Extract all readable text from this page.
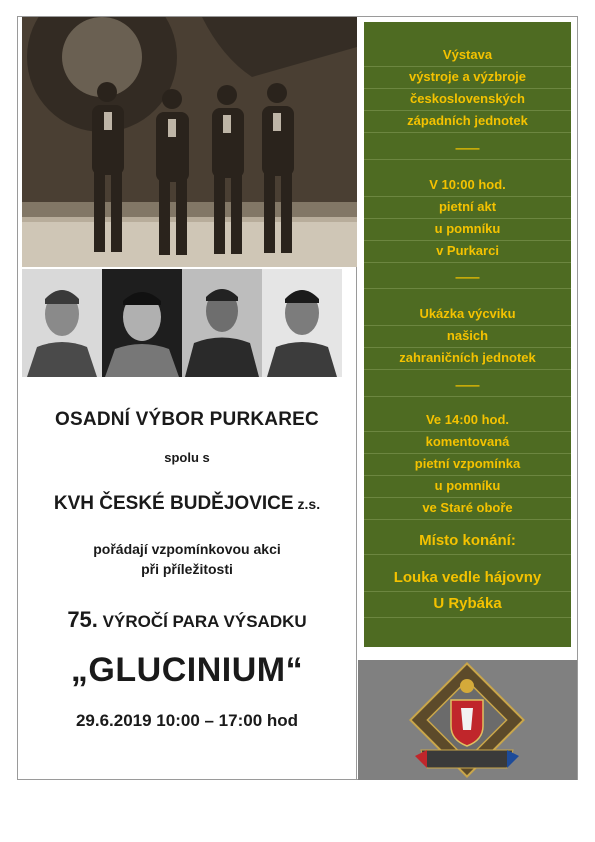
OSADNÍ VÝBOR PURKAREC
spolu s
KVH ČESKÉ BUDĚJOVICE z.s.
pořádají vzpomínkovou akci
při příležitosti
75. VÝROČÍ PARA VÝSADKU
„GLUCINIUM“
29.6.2019 10:00 – 17:00 hod
Výstava
výstroje a výzbroje
československých
západních jednotek
——
V 10:00 hod.
pietní akt
u pomníku
v Purkarci
——
Ukázka výcviku
našich
zahraničních jednotek
——
Ve 14:00 hod.
komentovaná
pietní vzpomínka
u pomníku
ve Staré oboře
Místo konání:
Louka vedle hájovny
U Rybáka
